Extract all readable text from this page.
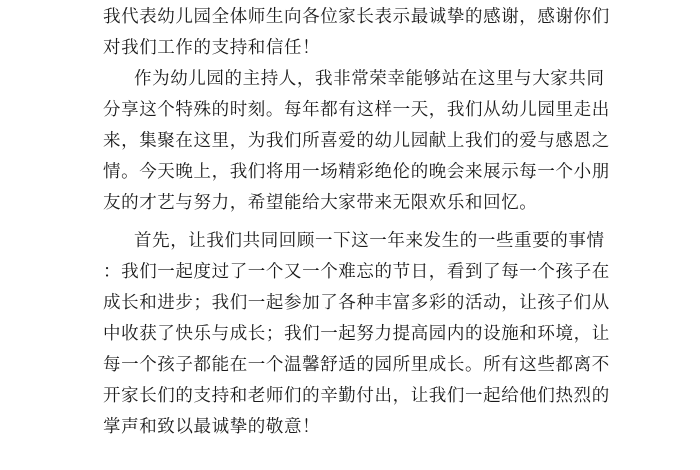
我代表幼儿园全体师生向各位家长表示最诚挚的感谢，感谢你们
对我们工作的支持和信任！
作为幼儿园的主持人，我非常荣幸能够站在这里与大家共同
分享这个特殊的时刻。每年都有这样一天，我们从幼儿园里走出
来，集聚在这里，为我们所喜爱的幼儿园献上我们的爱与感恩之
情。今天晚上，我们将用一场精彩绝伦的晚会来展示每一个小朋
友的才艺与努力，希望能给大家带来无限欢乐和回忆。
首先，让我们共同回顾一下这一年来发生的一些重要的事情
：我们一起度过了一个又一个难忘的节日，看到了每一个孩子在
成长和进步；我们一起参加了各种丰富多彩的活动，让孩子们从
中收获了快乐与成长；我们一起努力提高园内的设施和环境，让
每一个孩子都能在一个温馨舒适的园所里成长。所有这些都离不
开家长们的支持和老师们的辛勤付出，让我们一起给他们热烈的
掌声和致以最诚挚的敬意！
